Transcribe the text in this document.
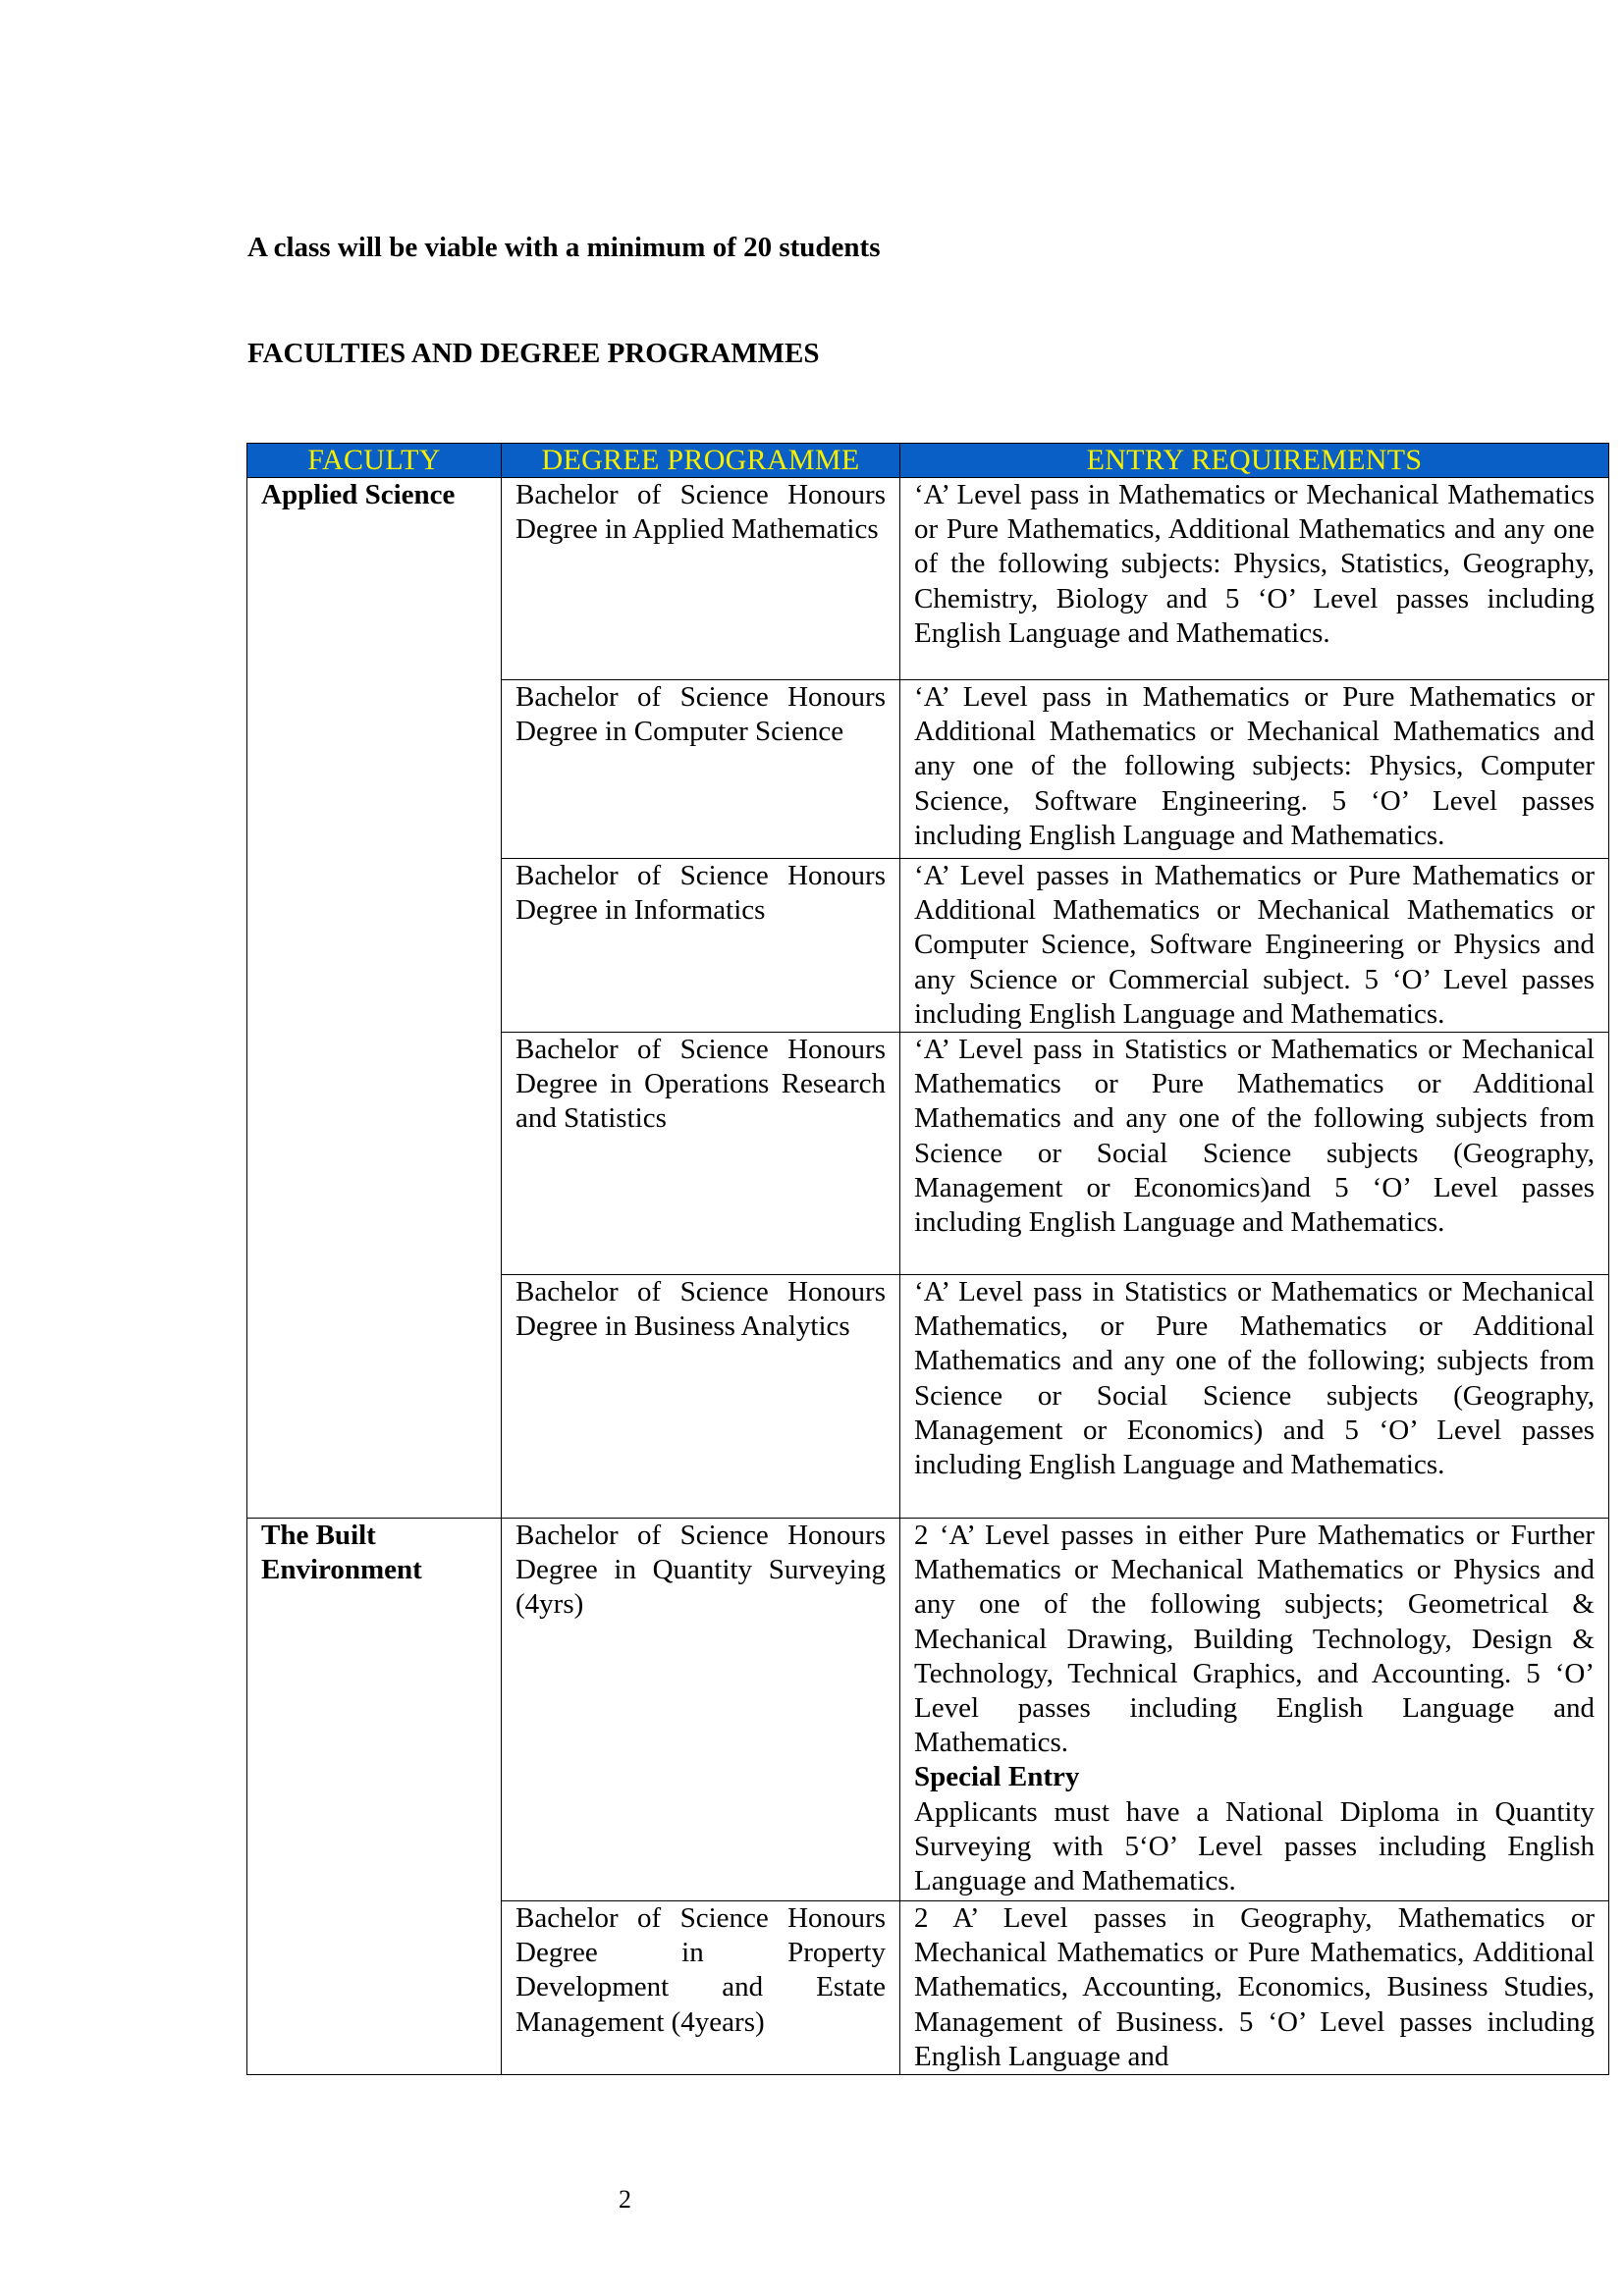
A class will be viable with a minimum of 20 students

FACULTIES AND DEGREE PROGRAMMES

FACULTY	DEGREE PROGRAMME	ENTRY REQUIREMENTS
Applied Science	Bachelor of Science Honours Degree in Applied Mathematics	‘A’ Level pass in Mathematics or Mechanical Mathematics or Pure Mathematics, Additional Mathematics and any one of the following subjects: Physics, Statistics, Geography, Chemistry, Biology and 5 ‘O’ Level passes including English Language and Mathematics.
	Bachelor of Science Honours Degree in Computer Science	‘A’ Level pass in Mathematics or Pure Mathematics or Additional Mathematics or Mechanical Mathematics and any one of the following subjects: Physics, Computer Science, Software Engineering. 5 ‘O’ Level passes including English Language and Mathematics.
	Bachelor of Science Honours Degree in Informatics	‘A’ Level passes in Mathematics or Pure Mathematics or Additional Mathematics or Mechanical Mathematics or Computer Science, Software Engineering or Physics and any Science or Commercial subject. 5 ‘O’ Level passes including English Language and Mathematics.
	Bachelor of Science Honours Degree in Operations Research and Statistics	‘A’ Level pass in Statistics or Mathematics or Mechanical Mathematics or Pure Mathematics or Additional Mathematics and any one of the following subjects from Science or Social Science subjects (Geography, Management or Economics)and 5 ‘O’ Level passes including English Language and Mathematics.
	Bachelor of Science Honours Degree in Business Analytics	‘A’ Level pass in Statistics or Mathematics or Mechanical Mathematics, or Pure Mathematics or Additional Mathematics and any one of the following; subjects from Science or Social Science subjects (Geography, Management or Economics) and 5 ‘O’ Level passes including English Language and Mathematics.
The Built Environment	Bachelor of Science Honours Degree in Quantity Surveying (4yrs)	2 ‘A’ Level passes in either Pure Mathematics or Further Mathematics or Mechanical Mathematics or Physics and any one of the following subjects; Geometrical & Mechanical Drawing, Building Technology, Design & Technology, Technical Graphics, and Accounting. 5 ‘O’ Level passes including English Language and Mathematics.
Special Entry
Applicants must have a National Diploma in Quantity Surveying with 5‘O’ Level passes including English Language and Mathematics.
	Bachelor of Science Honours Degree in Property Development and Estate Management (4years)	2 A’ Level passes in Geography, Mathematics or Mechanical Mathematics or Pure Mathematics, Additional Mathematics, Accounting, Economics, Business Studies, Management of Business. 5 ‘O’ Level passes including English Language and

2
